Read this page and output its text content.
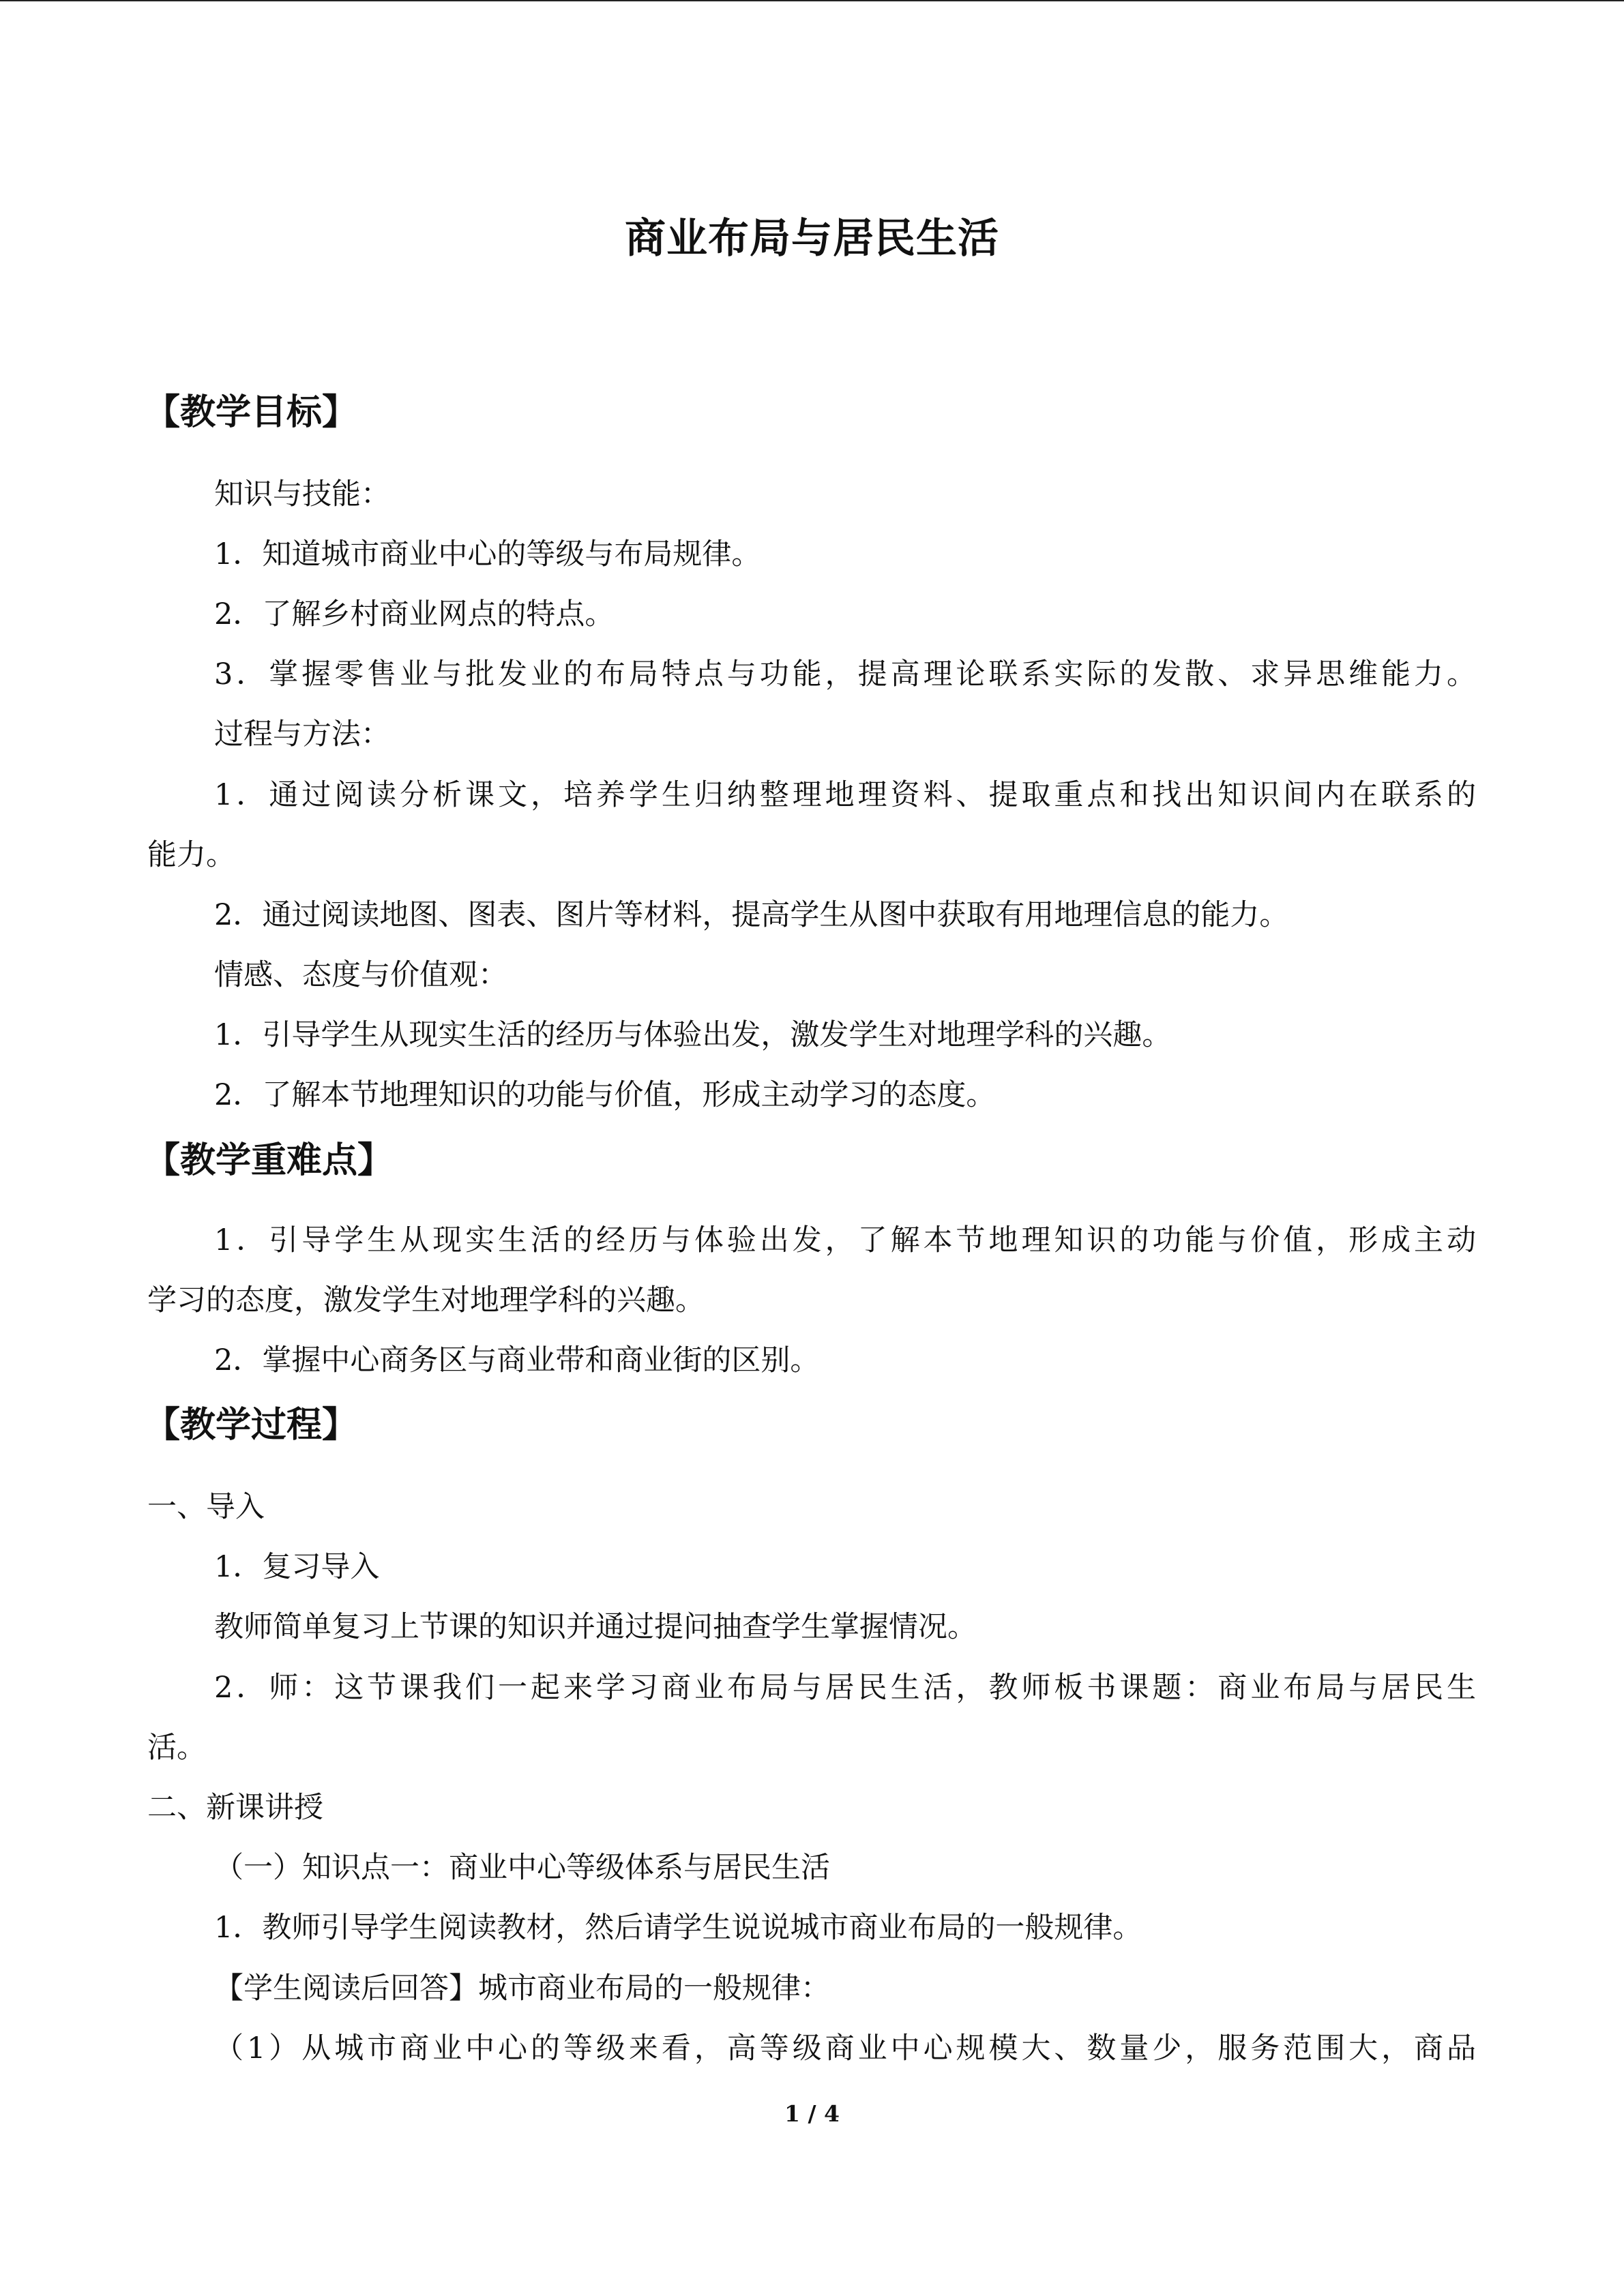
商业布局与居民生活
【教学目标】
知识与技能：
1．知道城市商业中心的等级与布局规律。
2．了解乡村商业网点的特点。
3．掌握零售业与批发业的布局特点与功能，提高理论联系实际的发散、求异思维能力。
过程与方法：
1．通过阅读分析课文，培养学生归纳整理地理资料、提取重点和找出知识间内在联系的
能力。
2．通过阅读地图、图表、图片等材料，提高学生从图中获取有用地理信息的能力。
情感、态度与价值观：
1．引导学生从现实生活的经历与体验出发，激发学生对地理学科的兴趣。
2．了解本节地理知识的功能与价值，形成主动学习的态度。
【教学重难点】
1．引导学生从现实生活的经历与体验出发，了解本节地理知识的功能与价值，形成主动
学习的态度，激发学生对地理学科的兴趣。
2．掌握中心商务区与商业带和商业街的区别。
【教学过程】
一、导入
1．复习导入
教师简单复习上节课的知识并通过提问抽查学生掌握情况。
2．师：这节课我们一起来学习商业布局与居民生活，教师板书课题：商业布局与居民生
活。
二、新课讲授
（一）知识点一：商业中心等级体系与居民生活
1．教师引导学生阅读教材，然后请学生说说城市商业布局的一般规律。
【学生阅读后回答】城市商业布局的一般规律：
（1）从城市商业中心的等级来看，高等级商业中心规模大、数量少，服务范围大，商品
1 / 4
